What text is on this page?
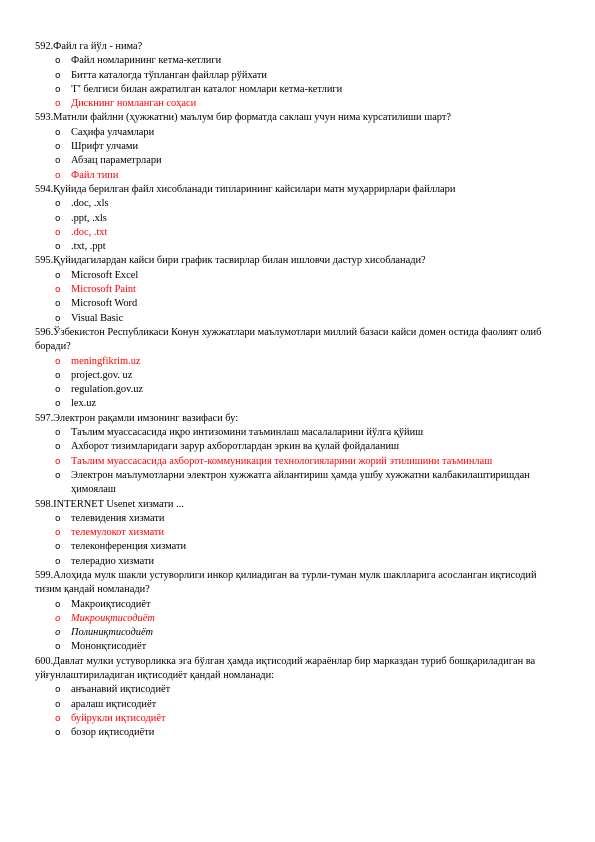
592.Файл га йўл - нима?
o	Файл номларининг кетма-кетлиги
o	Битта каталогда тўпланган файллар рўйхати
o	'Г' белгиси билан ажратилган каталог номлари кетма-кетлиги
o	Дискнинг номланган соҳаси
593.Матнли файлни (ҳужжатни) маълум бир форматда саклаш учун нима курсатилиши шарт?
o	Саҳифа улчамлари
o	Шрифт улчами
o	Абзац параметрлари
o	Файл типи
594.Қуйида берилган файл хисобланади типларининг кайсилари матн муҳаррирлари файллари
o	.doc, .xls
o	.ppt, .xls
o	.doc, .txt
o	.txt, .ppt
595.Қуйидагилардан кайси бири график тасвирлар билан ишловчи дастур хисобланади?
o	Microsoft Excel
o	Microsoft Paint
o	Microsoft Word
o	Visual Basic
596.Ўзбекистон Республикаси Конун хужжатлари маълумотлари миллий базаси кайси домен остида фаолият олиб боради?
o	meningfikrim.uz
o	project.gov. uz
o	regulation.gov.uz
o	lex.uz
597.Электрон рақамли имзонинг вазифаси бу:
o	Таълим муассасасида иқро интизомини таъминлаш масалаларини йўлга қўйиш
o	Ахборот тизимларидаги зарур ахборотлардан эркин ва қулай фойдаланиш
o	Таълим муассасасида ахборот-коммуникация технологияларини жорий этилишини таъминлаш
o	Электрон маълумотларни электрон хужжатга айлантириш ҳамда ушбу хужжатни калбакилаштиришдан ҳимоялаш
598.INTERNET Usenet хизмати ...
o	телевидения хизмати
o	телемулокот хизмати
o	телеконференция хизмати
o	телерадио хизмати
599.Алоҳида мулк шакли устуворлиги инкор қилиадиган ва турли-туман мулк шаклларига асосланган иқтисодий тизим қандай номланади?
o	Макроиқтисодиёт
o	Микроиқтисодиёт
o	Полиниқтисодиёт
o	Мононқтисодиёт
600.Давлат мулки устуворликка эга бўлган ҳамда иқтисодий жараёнлар бир марказдан туриб бошқариладиган ва уйғунлаштириладиган иқтисодиёт қандай номланади:
o	анъанавий иқтисодиёт
o	аралаш иқтисодиёт
o	буйрукли иқтисодиёт
o	бозор иқтисодиёти
